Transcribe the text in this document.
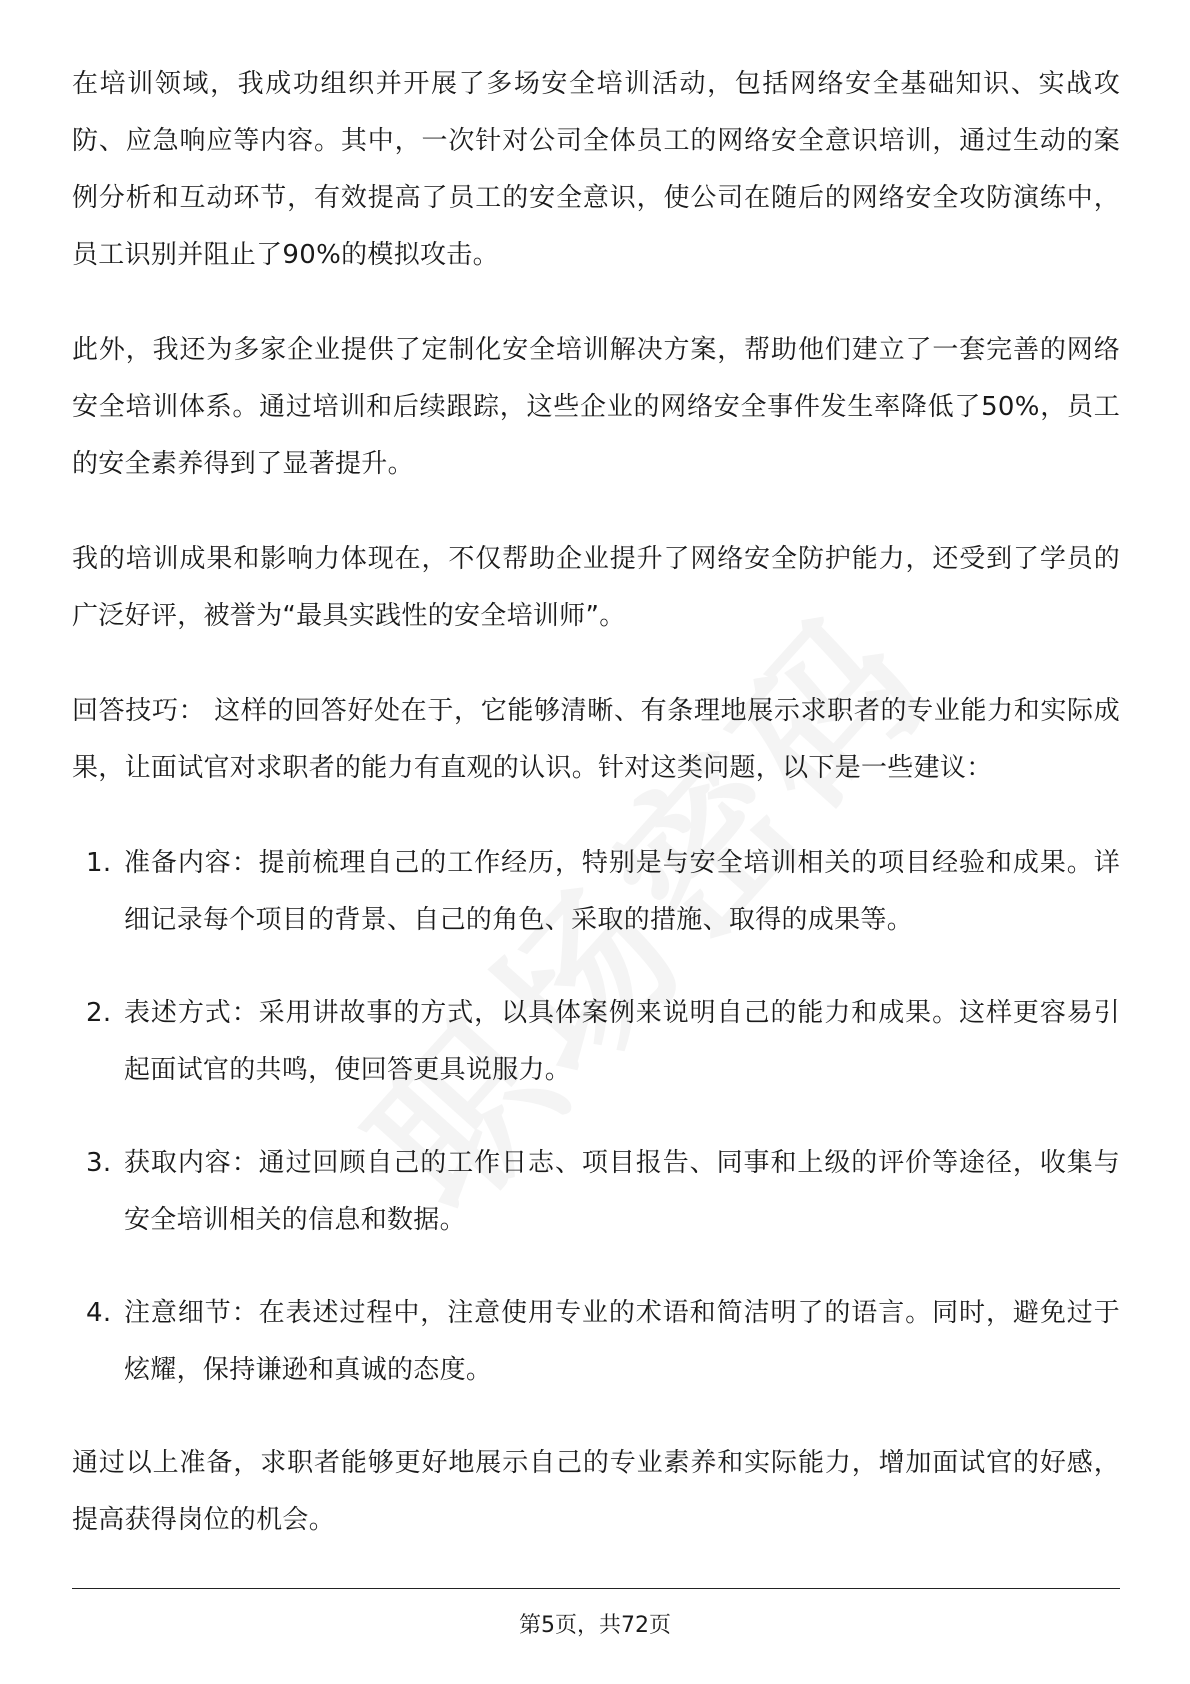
在培训领域，我成功组织并开展了多场安全培训活动，包括网络安全基础知识、实战攻防、应急响应等内容。其中，一次针对公司全体员工的网络安全意识培训，通过生动的案例分析和互动环节，有效提高了员工的安全意识，使公司在随后的网络安全攻防演练中，员工识别并阻止了90%的模拟攻击。

此外，我还为多家企业提供了定制化安全培训解决方案，帮助他们建立了一套完善的网络安全培训体系。通过培训和后续跟踪，这些企业的网络安全事件发生率降低了50%，员工的安全素养得到了显著提升。

我的培训成果和影响力体现在，不仅帮助企业提升了网络安全防护能力，还受到了学员的广泛好评，被誉为“最具实践性的安全培训师”。

回答技巧： 这样的回答好处在于，它能够清晰、有条理地展示求职者的专业能力和实际成果，让面试官对求职者的能力有直观的认识。针对这类问题，以下是一些建议：

1. 准备内容：提前梳理自己的工作经历，特别是与安全培训相关的项目经验和成果。详细记录每个项目的背景、自己的角色、采取的措施、取得的成果等。
2. 表述方式：采用讲故事的方式，以具体案例来说明自己的能力和成果。这样更容易引起面试官的共鸣，使回答更具说服力。
3. 获取内容：通过回顾自己的工作日志、项目报告、同事和上级的评价等途径，收集与安全培训相关的信息和数据。
4. 注意细节：在表述过程中，注意使用专业的术语和简洁明了的语言。同时，避免过于炫耀，保持谦逊和真诚的态度。

通过以上准备，求职者能够更好地展示自己的专业素养和实际能力，增加面试官的好感，提高获得岗位的机会。

第5页，共72页
